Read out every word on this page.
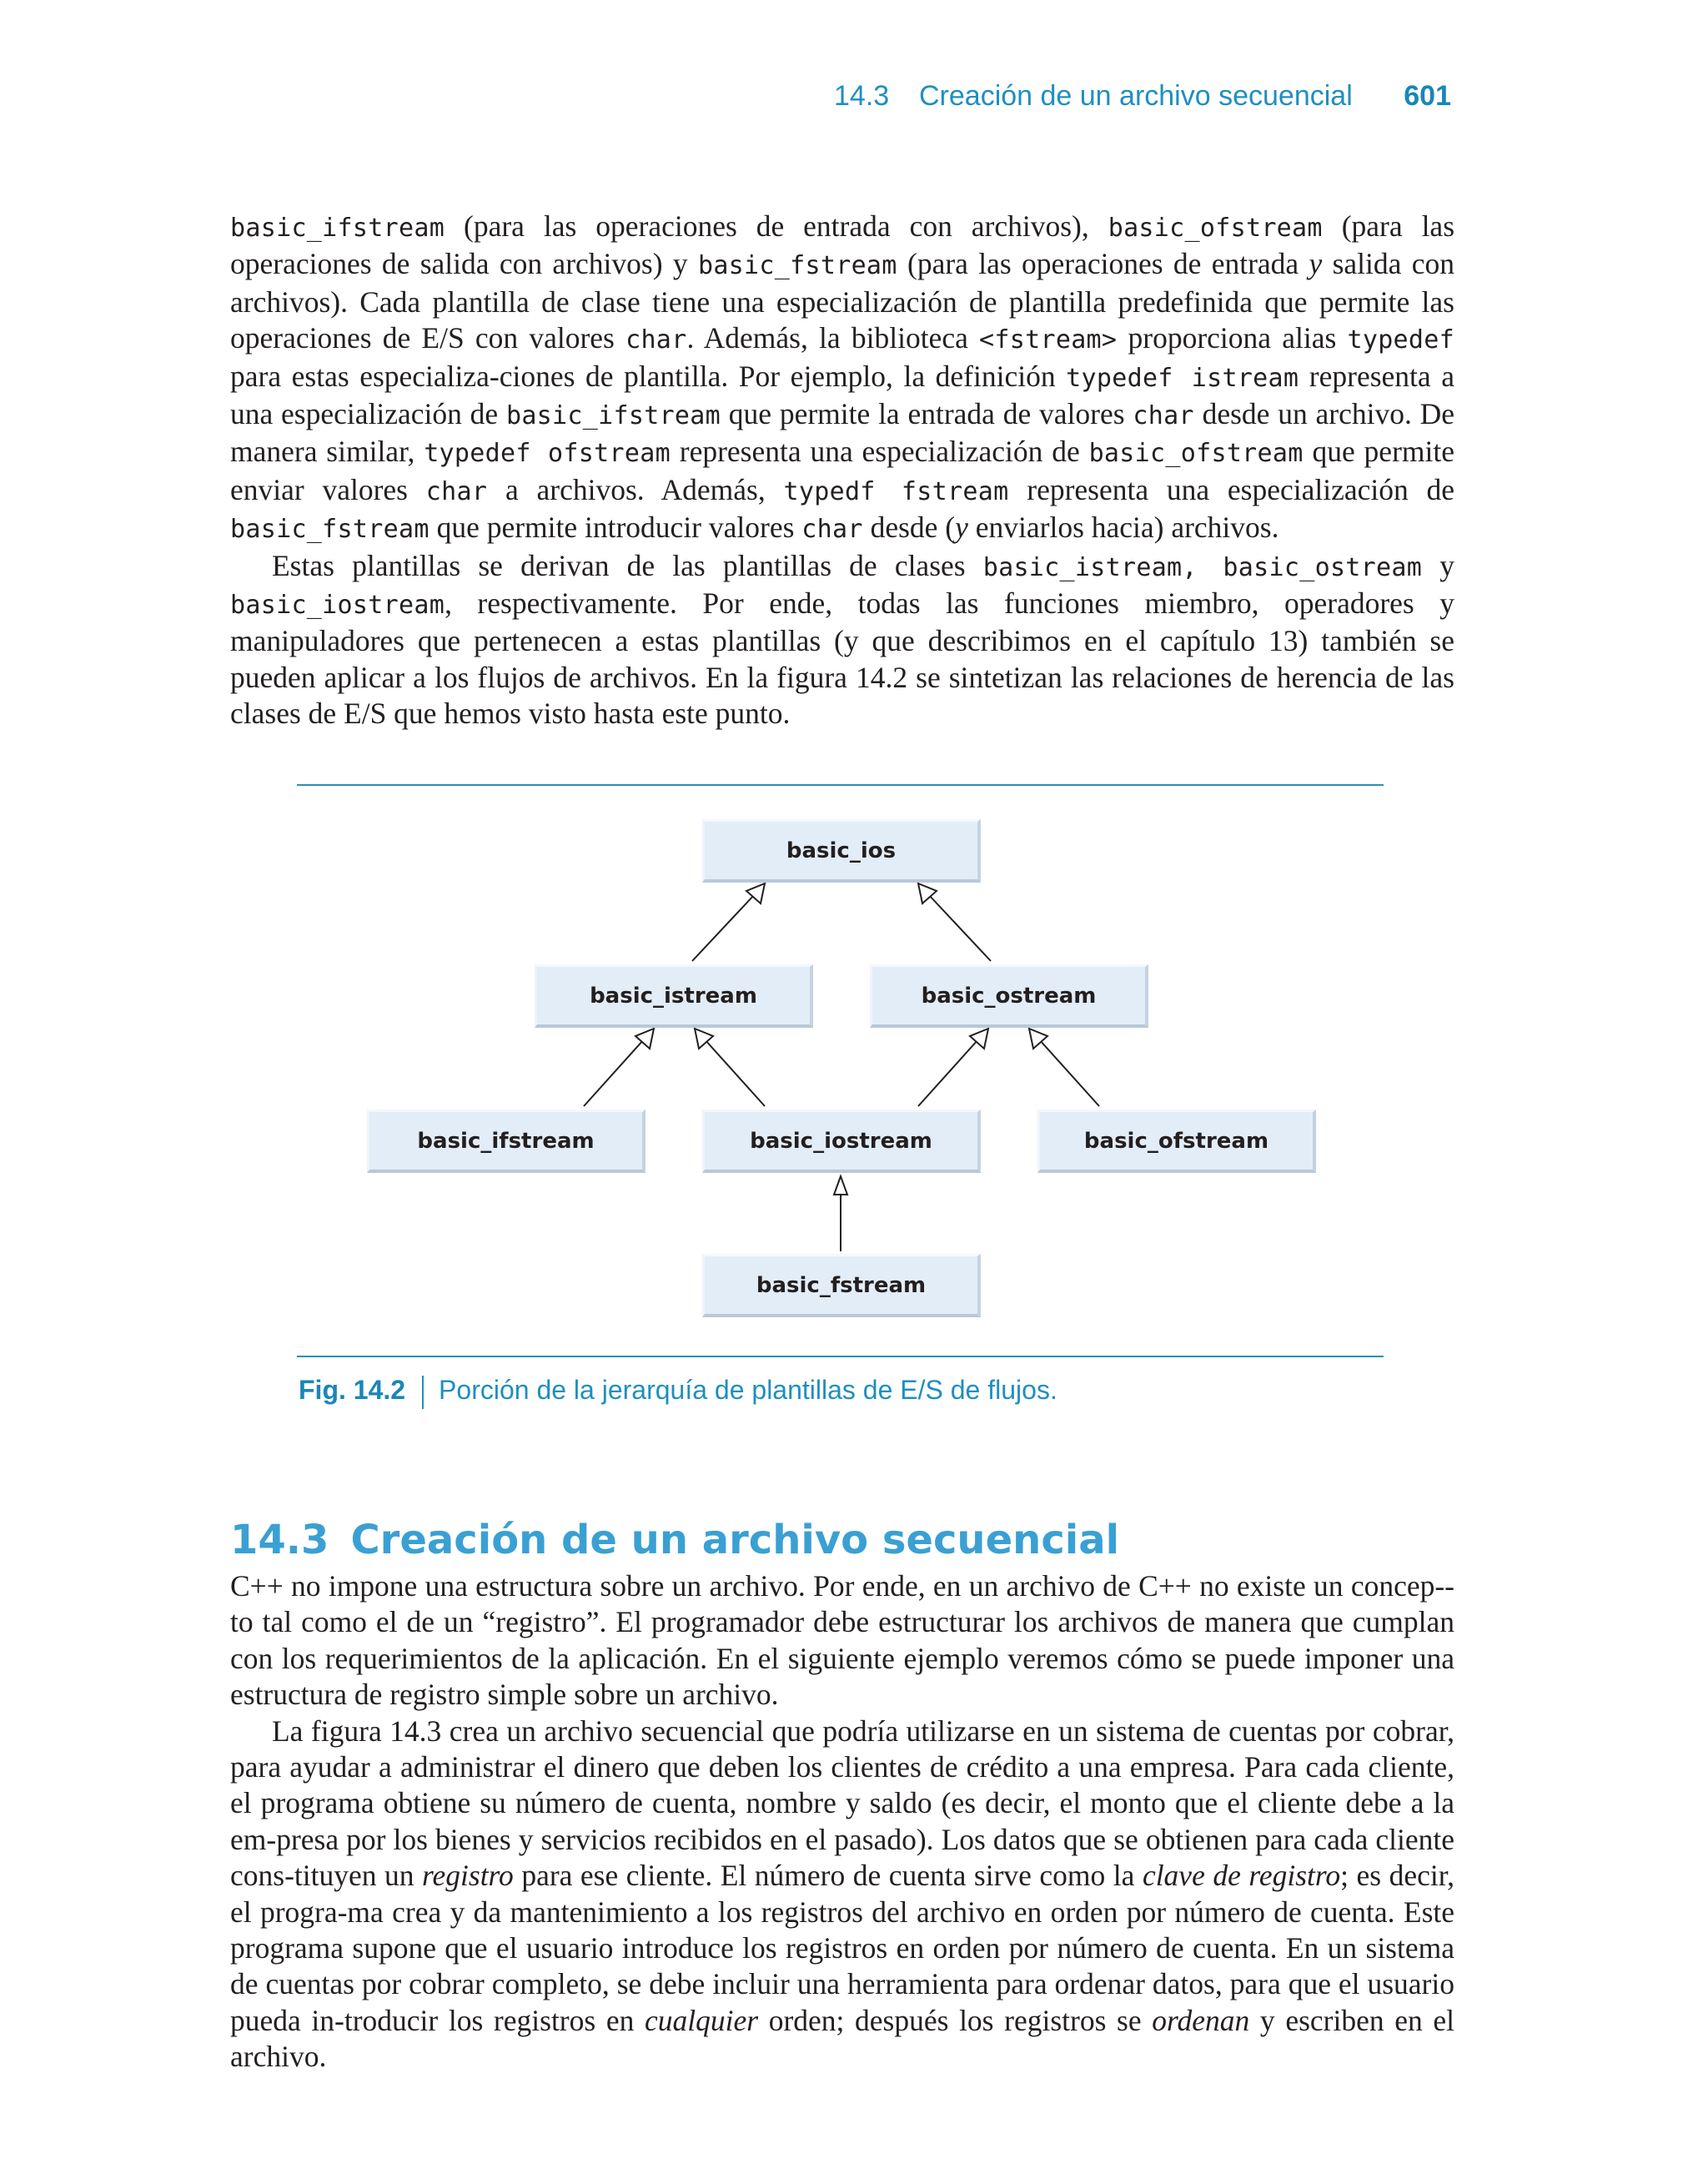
14.3 Creación de un archivo secuencial 601

basic_ifstream (para las operaciones de entrada con archivos), basic_ofstream (para las operaciones de salida con archivos) y basic_fstream (para las operaciones de entrada y salida con archivos). Cada plantilla de clase tiene una especialización de plantilla predefinida que permite las operaciones de E/S con valores char. Además, la biblioteca <fstream> proporciona alias typedef para estas especializa-ciones de plantilla. Por ejemplo, la definición typedef istream representa a una especialización de basic_ifstream que permite la entrada de valores char desde un archivo. De manera similar, typedef ofstream representa una especialización de basic_ofstream que permite enviar valores char a archivos. Además, typedf fstream representa una especialización de basic_fstream que permite introducir valores char desde (y enviarlos hacia) archivos.

Estas plantillas se derivan de las plantillas de clases basic_istream, basic_ostream y basic_iostream, respectivamente. Por ende, todas las funciones miembro, operadores y manipuladores que pertenecen a estas plantillas (y que describimos en el capítulo 13) también se pueden aplicar a los flujos de archivos. En la figura 14.2 se sintetizan las relaciones de herencia de las clases de E/S que hemos visto hasta este punto.

basic_ios
basic_istream	basic_ostream
basic_ifstream	basic_iostream	basic_ofstream
basic_fstream
Fig. 14.2 Porción de la jerarquía de plantillas de E/S de flujos.
14.3 Creación de un archivo secuencial

C++ no impone una estructura sobre un archivo. Por ende, en un archivo de C++ no existe un concep-to tal como el de un “registro”. El programador debe estructurar los archivos de manera que cumplan con los requerimientos de la aplicación. En el siguiente ejemplo veremos cómo se puede imponer una estructura de registro simple sobre un archivo.

La figura 14.3 crea un archivo secuencial que podría utilizarse en un sistema de cuentas por cobrar, para ayudar a administrar el dinero que deben los clientes de crédito a una empresa. Para cada cliente, el programa obtiene su número de cuenta, nombre y saldo (es decir, el monto que el cliente debe a la em-presa por los bienes y servicios recibidos en el pasado). Los datos que se obtienen para cada cliente cons-tituyen un registro para ese cliente. El número de cuenta sirve como la clave de registro; es decir, el progra-ma crea y da mantenimiento a los registros del archivo en orden por número de cuenta. Este programa supone que el usuario introduce los registros en orden por número de cuenta. En un sistema de cuentas por cobrar completo, se debe incluir una herramienta para ordenar datos, para que el usuario pueda in-troducir los registros en cualquier orden; después los registros se ordenan y escriben en el archivo.
